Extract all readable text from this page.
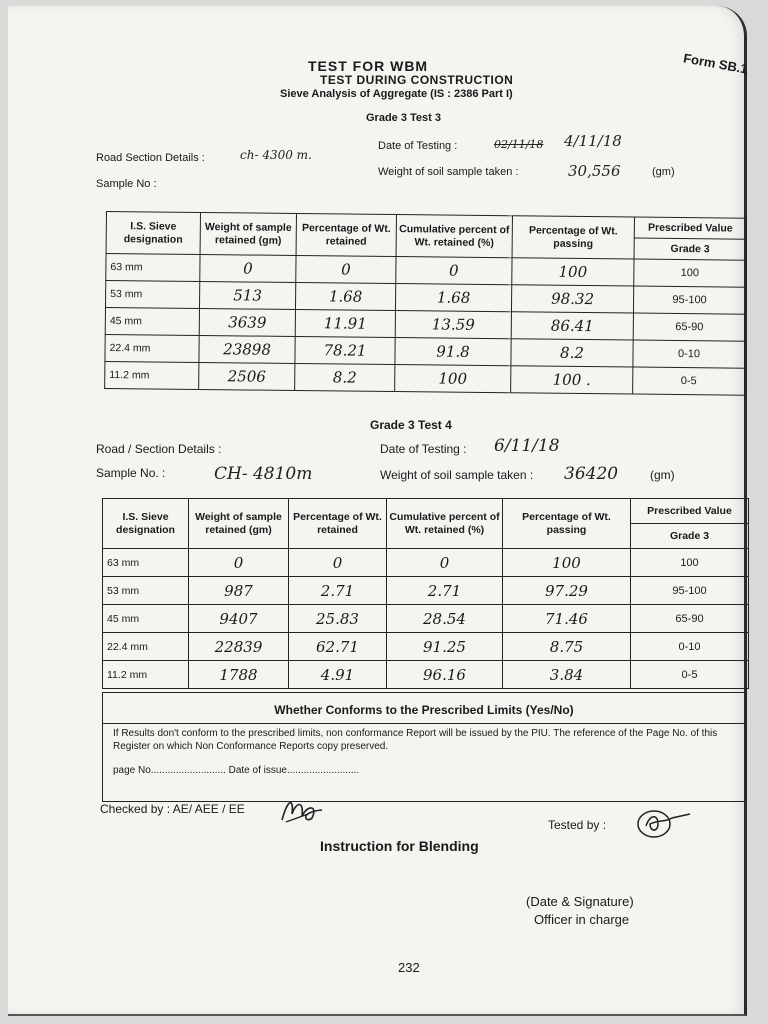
Form SB.1
TEST FOR WBM
TEST DURING CONSTRUCTION
Sieve Analysis of Aggregate (IS : 2386 Part I)
Grade 3 Test 3
Road Section Details :	ch- 4300 m.
Date of Testing :	02/11/18 4/11/18
Sample No :
Weight of soil sample taken :	30,556	(gm)
I.S. Sieve designation	Weight of sample retained (gm)	Percentage of Wt. retained	Cumulative percent of Wt. retained (%)	Percentage of Wt. passing	Prescribed Value
					Grade 3
63 mm	0	0	0	100	100
53 mm	513	1.68	1.68	98.32	95-100
45 mm	3639	11.91	13.59	86.41	65-90
22.4 mm	23898	78.21	91.8	8.2	0-10
11.2 mm	2506	8.2	100	100 .	0-5
Grade 3 Test 4
Road / Section Details :	Date of Testing : 6/11/18
Sample No. :	CH- 4810m	Weight of soil sample taken : 36420	(gm)
I.S. Sieve designation	Weight of sample retained (gm)	Percentage of Wt. retained	Cumulative percent of Wt. retained (%)	Percentage of Wt. passing	Prescribed Value
					Grade 3
63 mm	0	0	0	100	100
53 mm	987	2.71	2.71	97.29	95-100
45 mm	9407	25.83	28.54	71.46	65-90
22.4 mm	22839	62.71	91.25	8.75	0-10
11.2 mm	1788	4.91	96.16	3.84	0-5
Whether Conforms to the Prescribed Limits (Yes/No)
If Results don't conform to the prescribed limits, non conformance Report will be issued by the PIU. The reference of the Page No. of this Register on which Non Conformance Reports copy preserved.
page No........................... Date of issue..........................
Checked by : AE/ AEE / EE
Tested by :
Instruction for Blending
(Date & Signature)
Officer in charge
232
